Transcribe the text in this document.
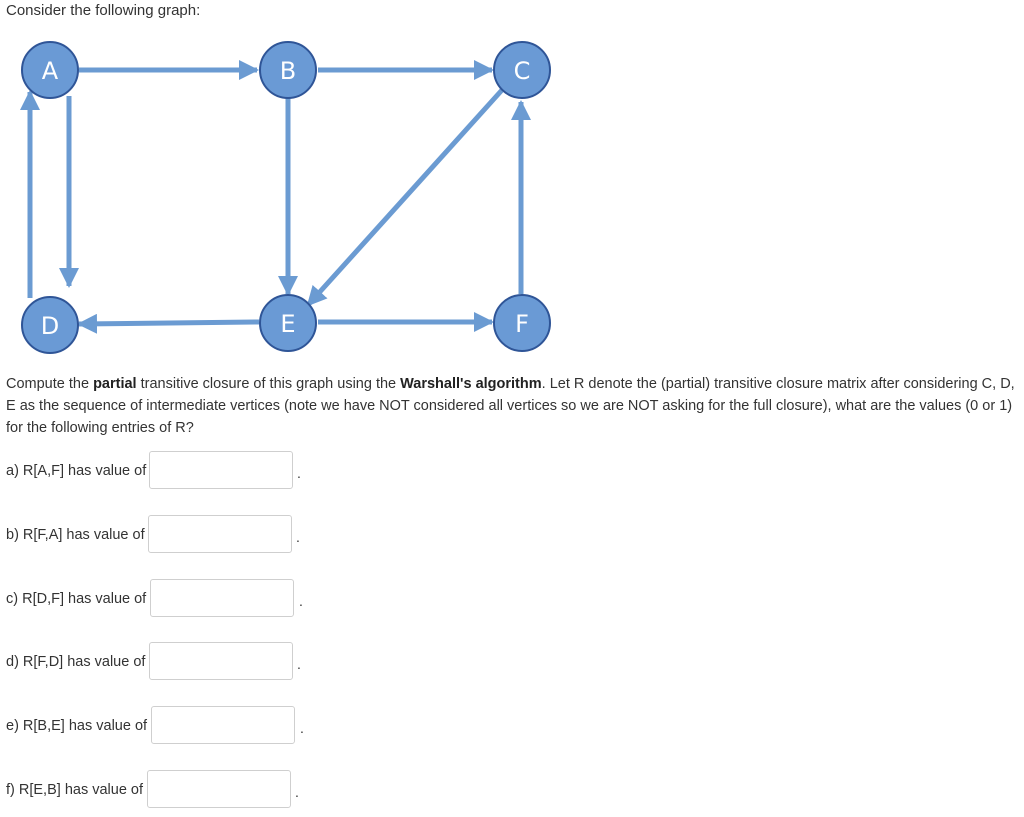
Consider the following graph:
A	B	C
D	E	F
Compute the partial transitive closure of this graph using the Warshall's algorithm. Let R denote the (partial) transitive closure matrix after considering C, D, E as the sequence of intermediate vertices (note we have NOT considered all vertices so we are NOT asking for the full closure), what are the values (0 or 1) for the following entries of R?
a) R[A,F] has value of	.
b) R[F,A] has value of	.
c) R[D,F] has value of	.
d) R[F,D] has value of	.
e) R[B,E] has value of	.
f) R[E,B] has value of	.
